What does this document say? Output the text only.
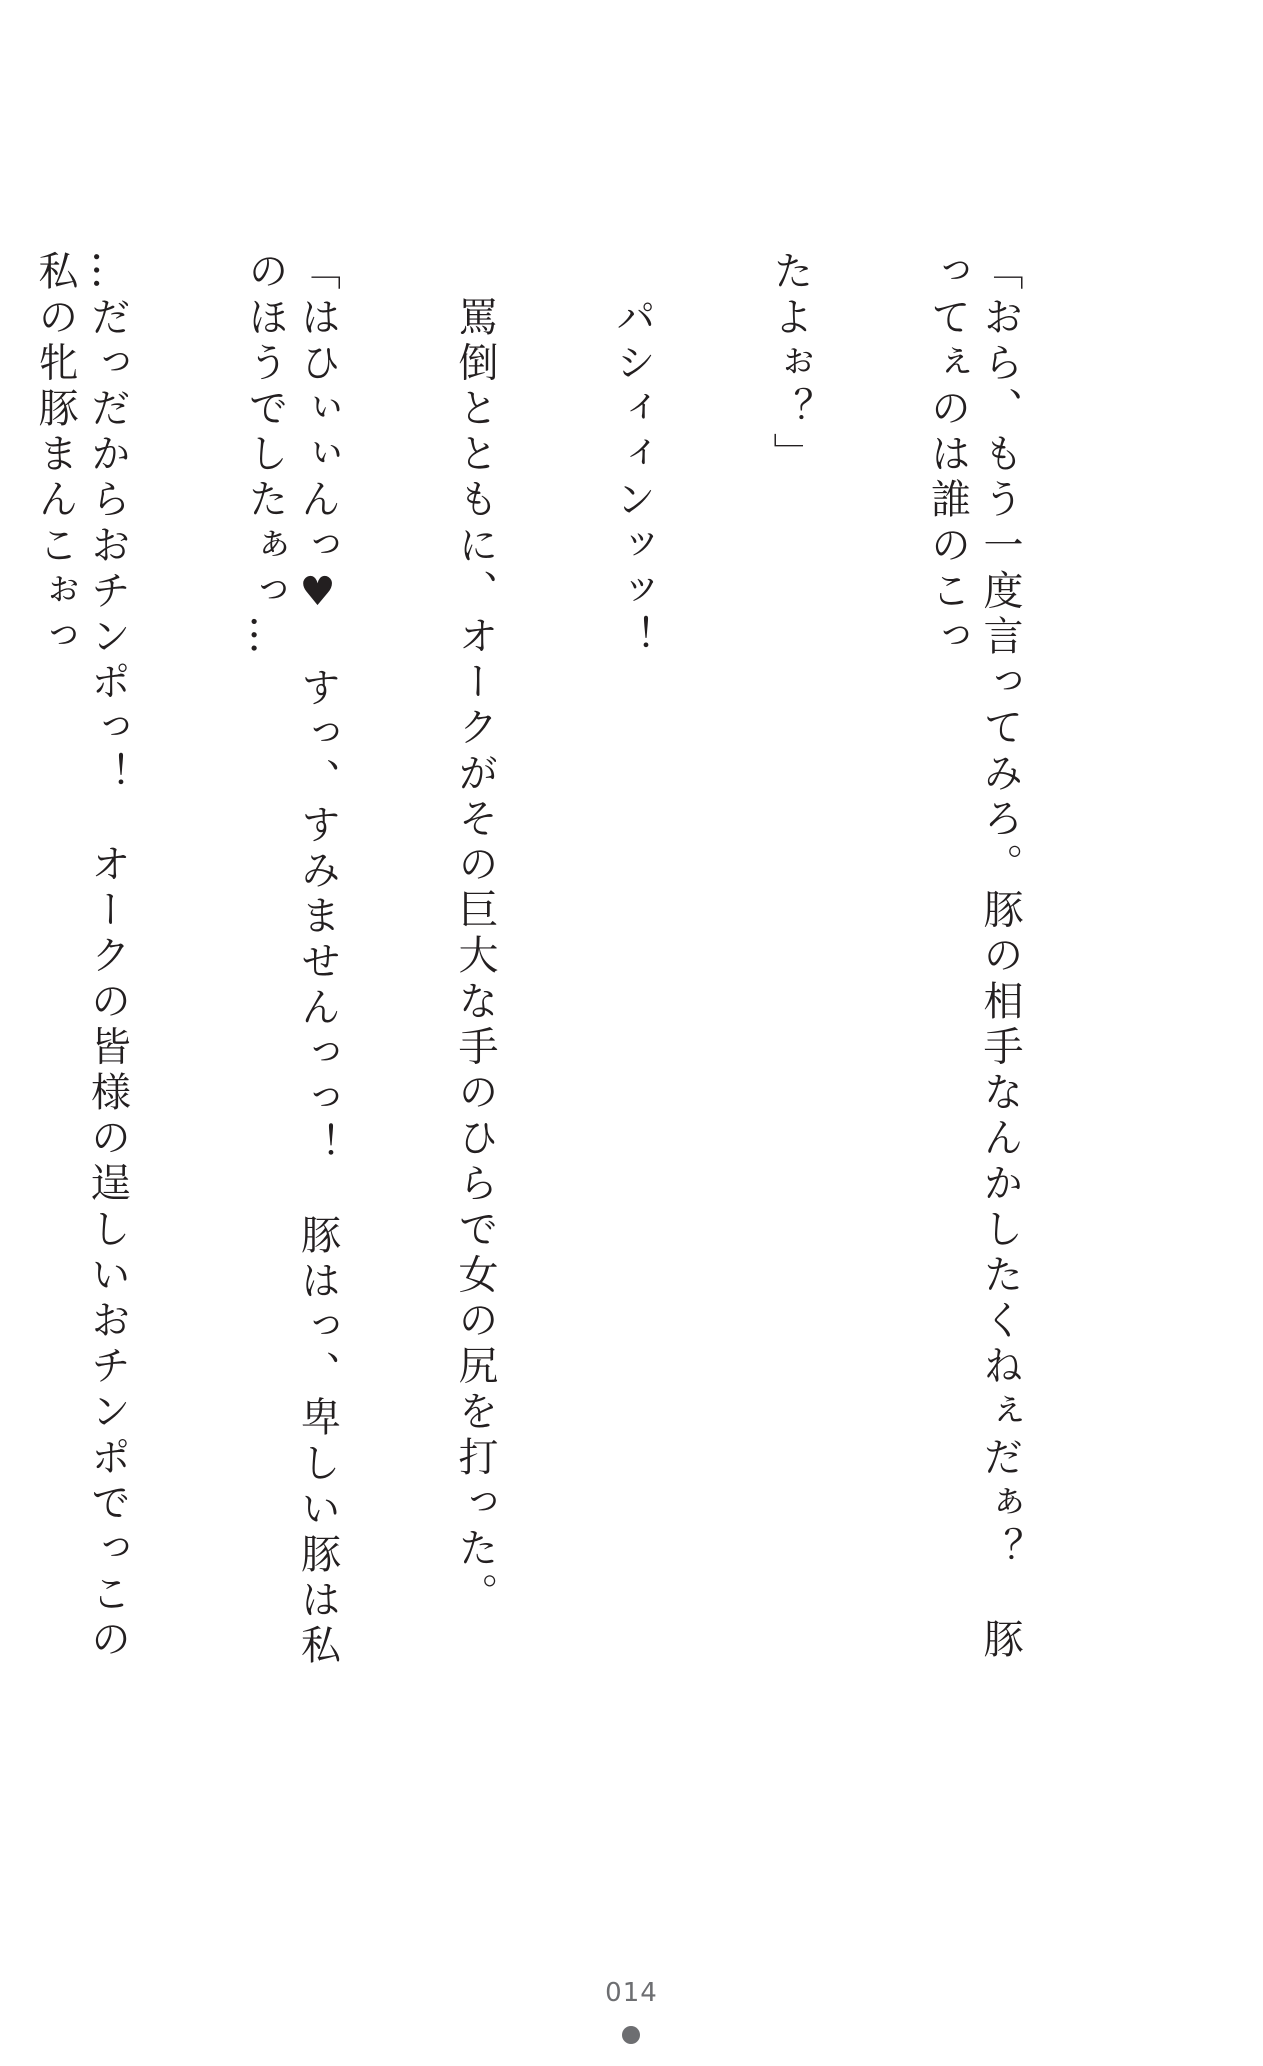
「おら、もう一度言ってみろ。豚の相手なんかしたくねぇだぁ？　豚ってぇのは誰のこっ

たよぉ？」

　パシィィンッッ！

　罵倒とともに、オークがその巨大な手のひらで女の尻を打った。

「はひぃぃんっ♥　すっ、すみませんっっ！　豚はっ、卑しい豚は私のほうでしたぁっ…

…だっだからおチンポっ！　オークの皆様の逞しいおチンポでっこの私の牝豚まんこぉっ

014
